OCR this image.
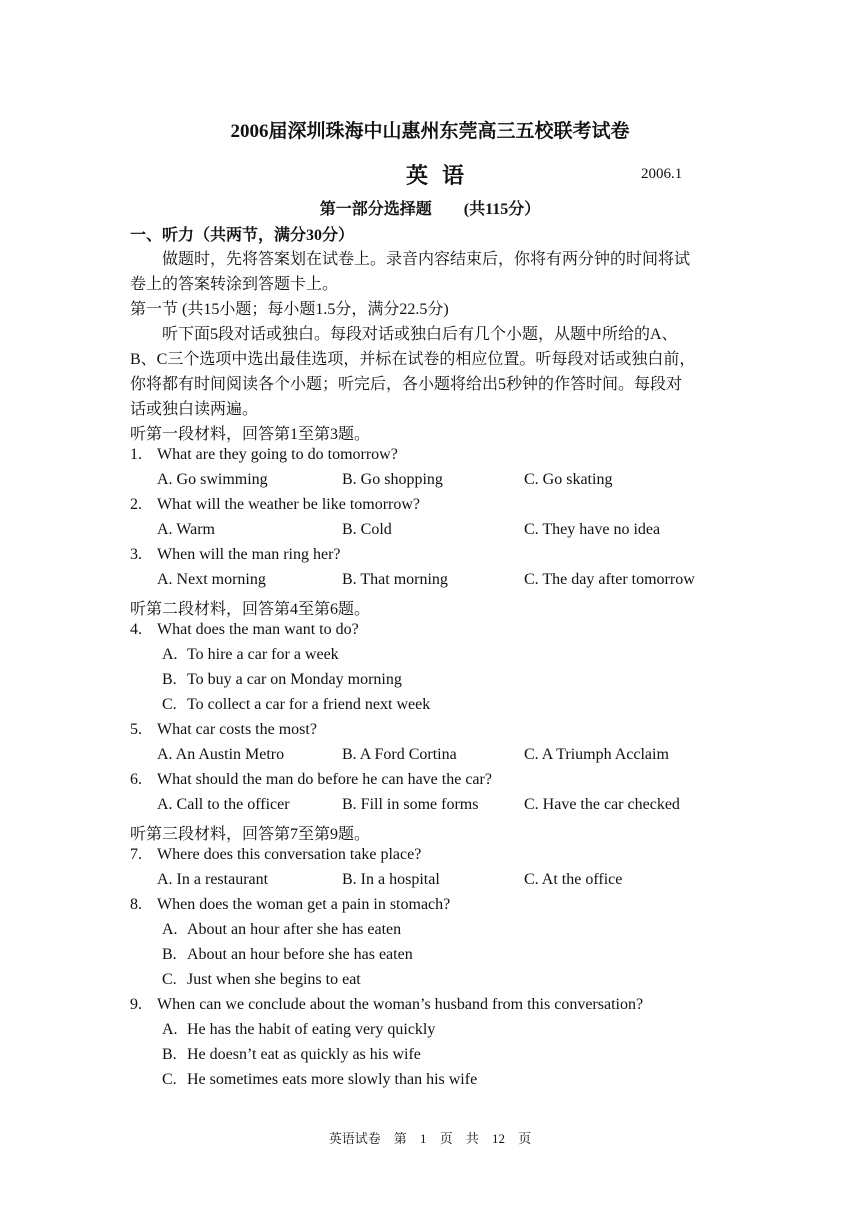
2006届深圳珠海中山惠州东莞高三五校联考试卷
英语	2006.1
第一部分选择题　　(共115分）
一、听力（共两节，满分30分）
　　做题时，先将答案划在试卷上。录音内容结束后，你将有两分钟的时间将试
卷上的答案转涂到答题卡上。
第一节 (共15小题；每小题1.5分，满分22.5分)
　　听下面5段对话或独白。每段对话或独白后有几个小题，从题中所给的A、
B、C三个选项中选出最佳选项，并标在试卷的相应位置。听每段对话或独白前，
你将都有时间阅读各个小题；听完后，各小题将给出5秒钟的作答时间。每段对
话或独白读两遍。
听第一段材料，回答第1至第3题。
1. What are they going to do tomorrow?
A. Go swimming	B. Go shopping	C. Go skating
2. What will the weather be like tomorrow?
A. Warm	B. Cold	C. They have no idea
3. When will the man ring her?
A. Next morning	B. That morning	C. The day after tomorrow
听第二段材料，回答第4至第6题。
4. What does the man want to do?
A. To hire a car for a week
B. To buy a car on Monday morning
C. To collect a car for a friend next week
5. What car costs the most?
A. An Austin Metro	B. A Ford Cortina	C. A Triumph Acclaim
6. What should the man do before he can have the car?
A. Call to the officer	B. Fill in some forms	C. Have the car checked
听第三段材料，回答第7至第9题。
7. Where does this conversation take place?
A. In a restaurant	B. In a hospital	C. At the office
8. When does the woman get a pain in stomach?
A. About an hour after she has eaten
B. About an hour before she has eaten
C. Just when she begins to eat
9. When can we conclude about the woman’s husband from this conversation?
A. He has the habit of eating very quickly
B. He doesn’t eat as quickly as his wife
C. He sometimes eats more slowly than his wife
英语试卷　第 1 页　共 12 页
